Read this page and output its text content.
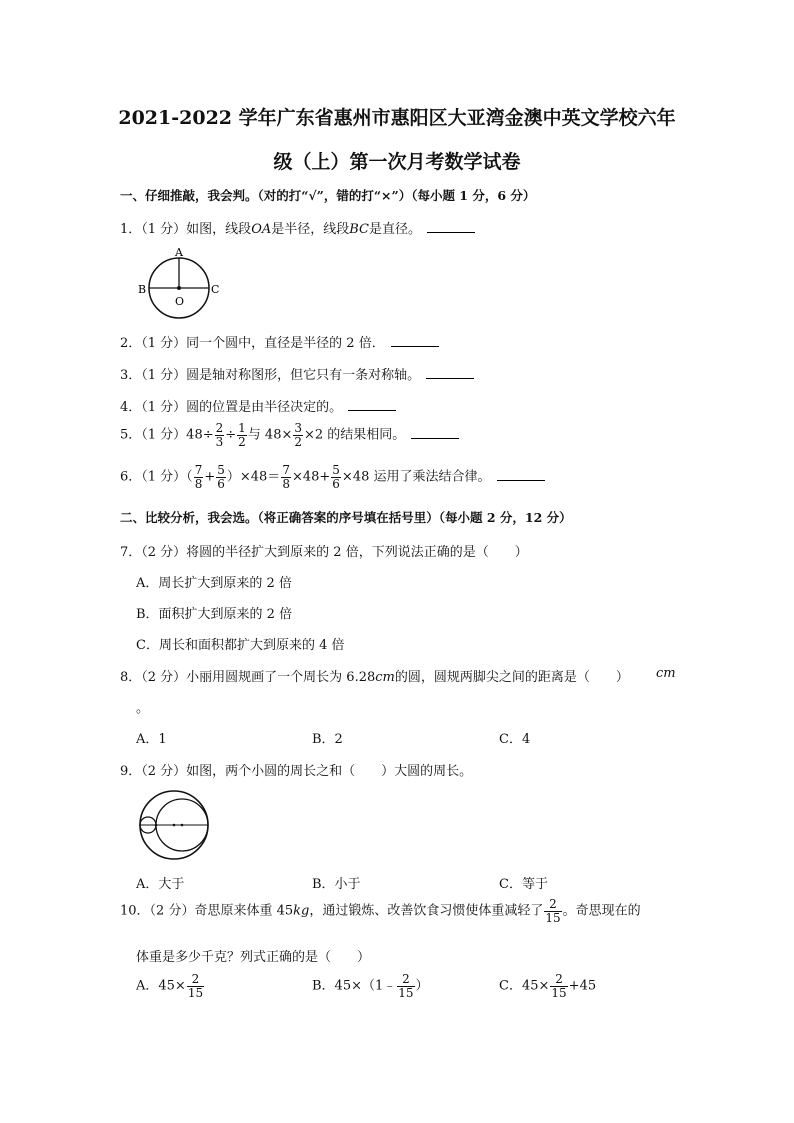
2021-2022 学年广东省惠州市惠阳区大亚湾金澳中英文学校六年
级（上）第一次月考数学试卷
一、仔细推敲，我会判。（对的打“√”，错的打“×”）（每小题 1 分，6 分）
1．（1 分）如图，线段OA是半径，线段BC是直径。
A
B	C
O
2．（1 分）同一个圆中，直径是半径的 2 倍．
3．（1 分）圆是轴对称图形，但它只有一条对称轴。
4．（1 分）圆的位置是由半径决定的。
5．（1 分）$48\div \frac{2}{3} \div \frac{1}{2}$ 与 $48\times \frac{3}{2} \times 2$ 的结果相同。
6．（1 分）（ $\frac{7}{8} + \frac{5}{6} )\times 48= \frac{7}{8} \times 48+ \frac{5}{6} \times 48$ 运用了乘法结合律。
二、比较分析，我会选。（将正确答案的序号填在括号里）（每小题 2 分，12 分）
7．（2 分）将圆的半径扩大到原来的 2 倍，下列说法正确的是（　　）
A．周长扩大到原来的 2 倍
B．面积扩大到原来的 2 倍
C．周长和面积都扩大到原来的 4 倍
8．（2 分）小丽用圆规画了一个周长为 6.28cm的圆，圆规两脚尖之间的距离是（　　）	cm
。
A．1	B．2	C．4
9．（2 分）如图，两个小圆的周长之和（　　）大圆的周长。
A．大于	B．小于	C．等于
10．（2 分）奇思原来体重 45kg，通过锻炼、改善饮食习惯使体重减轻了 $\frac{2}{15}$ 。奇思现在的
体重是多少千克？列式正确的是（　　）
A．$45\times \frac{2}{15}$	B．45×（1﹣ $\frac{2}{15}$ ）	C．$45\times \frac{2}{15} +45$
